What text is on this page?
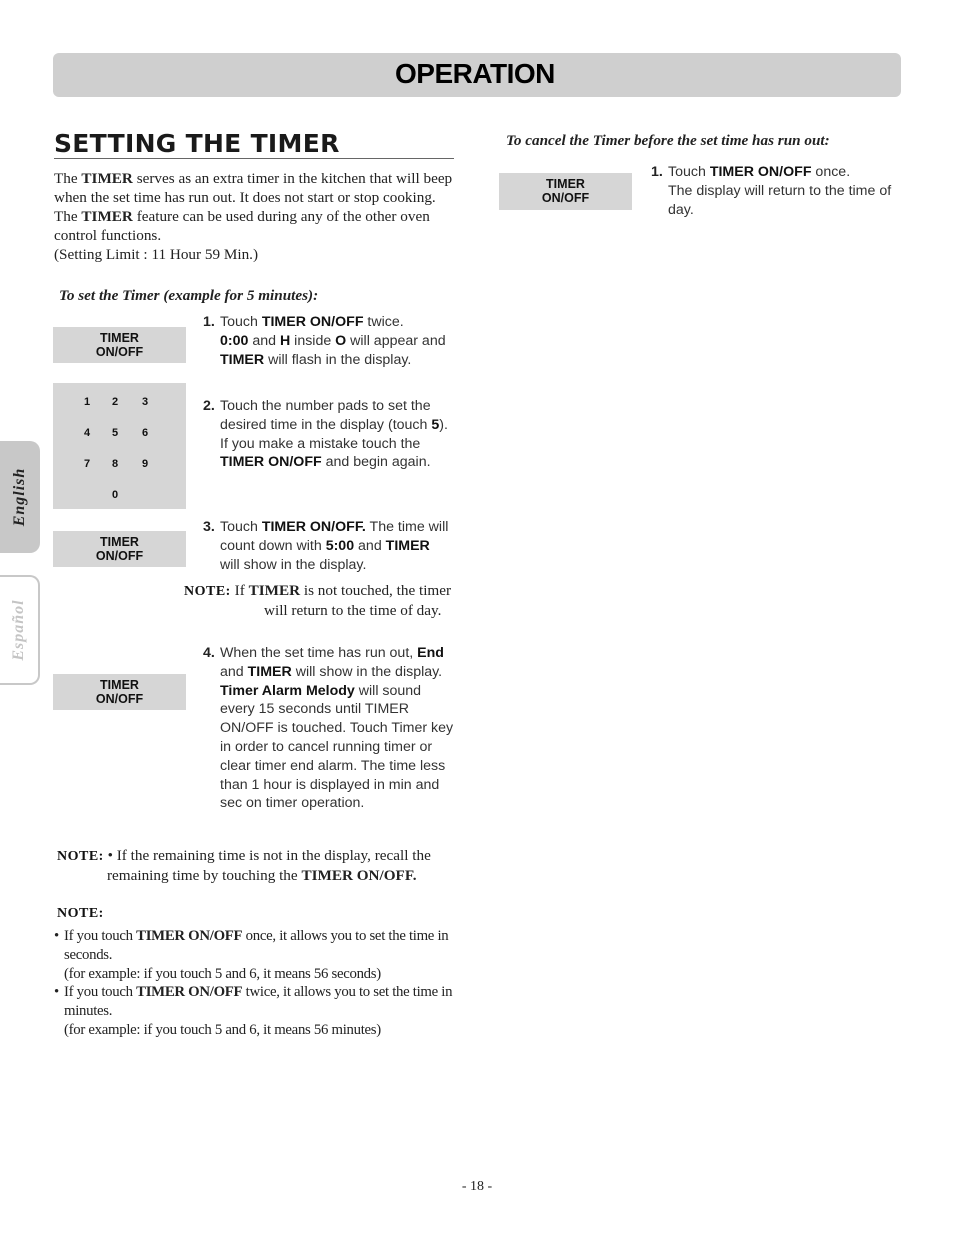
OPERATION
English
Español
SETTING THE TIMER
The TIMER serves as an extra timer in the kitchen that will beep when the set time has run out. It does not start or stop cooking. The TIMER feature can be used during any of the other oven control functions.
(Setting Limit : 11 Hour 59 Min.)
To set the Timer (example for 5 minutes):
To cancel the Timer before the set time has run out:
TIMER
ON/OFF
1 2 3
4 5 6
7 8 9
0
TIMER
ON/OFF
TIMER
ON/OFF
TIMER
ON/OFF
1. Touch TIMER ON/OFF twice.
0:00 and H inside O will appear and TIMER will flash in the display.
2. Touch the number pads to set the desired time in the display (touch 5).
If you make a mistake touch the TIMER ON/OFF and begin again.
3. Touch TIMER ON/OFF. The time will count down with 5:00 and TIMER will show in the display.
NOTE: If TIMER is not touched, the timer will return to the time of day.
4. When the set time has run out, End and TIMER will show in the display. Timer Alarm Melody will sound every 15 seconds until TIMER ON/OFF is touched. Touch Timer key in order to cancel running timer or clear timer end alarm. The time less than 1 hour is displayed in min and sec on timer operation.
1. Touch TIMER ON/OFF once.
The display will return to the time of day.
NOTE: • If the remaining time is not in the display, recall the
remaining time by touching the TIMER ON/OFF.
NOTE:
• If you touch TIMER ON/OFF once, it allows you to set the time in seconds.
(for example: if you touch 5 and 6, it means 56 seconds)
• If you touch TIMER ON/OFF twice, it allows you to set the time in minutes.
(for example: if you touch 5 and 6, it means 56 minutes)
- 18 -
